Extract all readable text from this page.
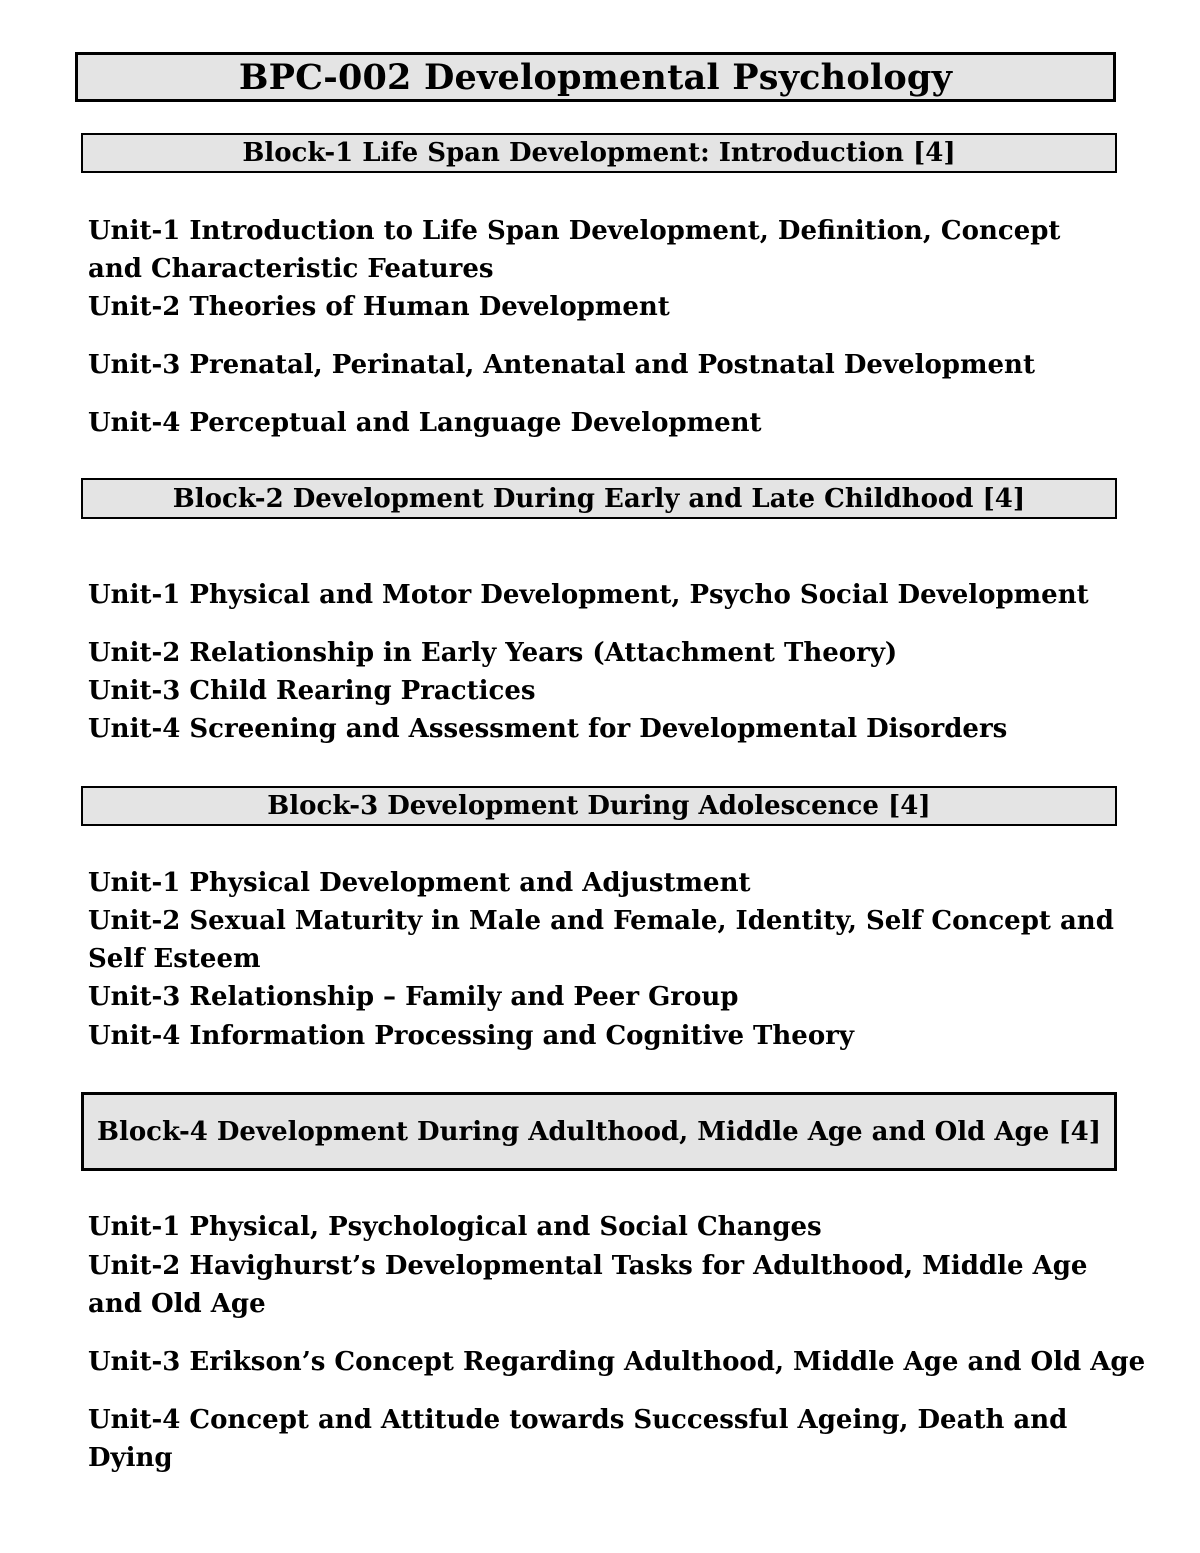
BPC-002 Developmental Psychology
Block-1 Life Span Development: Introduction [4]
Unit-1 Introduction to Life Span Development, Definition, Concept and Characteristic Features
Unit-2 Theories of Human Development
Unit-3 Prenatal, Perinatal, Antenatal and Postnatal Development
Unit-4 Perceptual and Language Development
Block-2 Development During Early and Late Childhood [4]
Unit-1 Physical and Motor Development, Psycho Social Development
Unit-2 Relationship in Early Years (Attachment Theory)
Unit-3 Child Rearing Practices
Unit-4 Screening and Assessment for Developmental Disorders
Block-3 Development During Adolescence [4]
Unit-1 Physical Development and Adjustment
Unit-2 Sexual Maturity in Male and Female, Identity, Self Concept and Self Esteem
Unit-3 Relationship – Family and Peer Group
Unit-4 Information Processing and Cognitive Theory
Block-4 Development During Adulthood, Middle Age and Old Age [4]
Unit-1 Physical, Psychological and Social Changes
Unit-2 Havighurst’s Developmental Tasks for Adulthood, Middle Age and Old Age
Unit-3 Erikson’s Concept Regarding Adulthood, Middle Age and Old Age
Unit-4 Concept and Attitude towards Successful Ageing, Death and Dying
